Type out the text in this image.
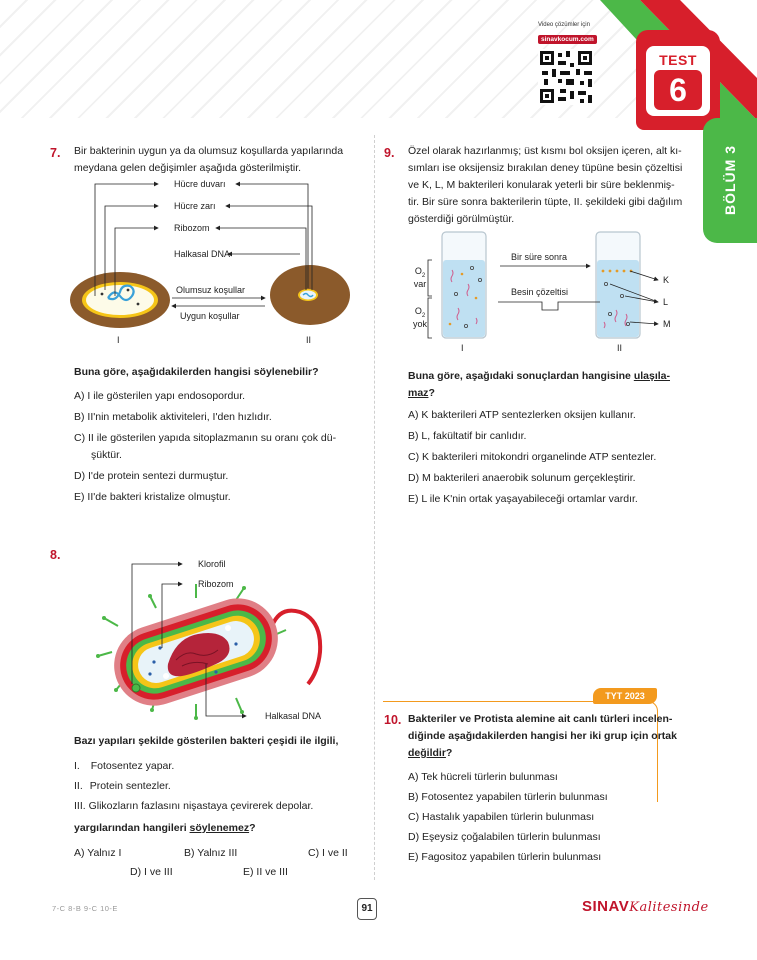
Video çözümler için
sinavkocum.com
TEST
6
BÖLÜM 3
7. Bir bakterinin uygun ya da olumsuz koşullarda yapılarında
meydana gelen değişimler aşağıda gösterilmiştir.
Hücre duvarı
Hücre zarı
Ribozom
Halkasal DNA
Olumsuz koşullar
Uygun koşullar
I	II
Buna göre, aşağıdakilerden hangisi söylenebilir?
A) I ile gösterilen yapı endosopordur.
B) II'nin metabolik aktiviteleri, I'den hızlıdır.
C) II ile gösterilen yapıda sitoplazmanın su oranı çok dü-
şüktür.
D) I'de protein sentezi durmuştur.
E) II'de bakteri kristalize olmuştur.
9. Özel olarak hazırlanmış; üst kısmı bol oksijen içeren, alt kı-
sımları ise oksijensiz bırakılan deney tüpüne besin çözeltisi
ve K, L, M bakterileri konularak yeterli bir süre beklenmiş-
tir. Bir süre sonra bakterilerin tüpte, II. şekildeki gibi dağılım
gösterdiği görülmüştür.
Bir süre sonra
Besin çözeltisi
$O_2$
var
$O_2$
yok
K
L
M
I	II
Buna göre, aşağıdaki sonuçlardan hangisine ulaşıla-
maz?
A) K bakterileri ATP sentezlerken oksijen kullanır.
B) L, fakültatif bir canlıdır.
C) K bakterileri mitokondri organelinde ATP sentezler.
D) M bakterileri anaerobik solunum gerçekleştirir.
E) L ile K'nin ortak yaşayabileceği ortamlar vardır.
8.
Klorofil
Ribozom
Halkasal DNA
Bazı yapıları şekilde gösterilen bakteri çeşidi ile ilgili,
I. Fotosentez yapar.
II. Protein sentezler.
III. Glikozların fazlasını nişastaya çevirerek depolar.
yargılarından hangileri söylenemez?
A) Yalnız I	B) Yalnız III	C) I ve II
D) I ve III	E) II ve III
TYT 2023
10. Bakteriler ve Protista alemine ait canlı türleri incelen-
diğinde aşağıdakilerden hangisi her iki grup için ortak
değildir?
A) Tek hücreli türlerin bulunması
B) Fotosentez yapabilen türlerin bulunması
C) Hastalık yapabilen türlerin bulunması
D) Eşeysiz çoğalabilen türlerin bulunması
E) Fagositoz yapabilen türlerin bulunması
7-C 8-B 9-C 10-E	91	SINAVKalitesinde
